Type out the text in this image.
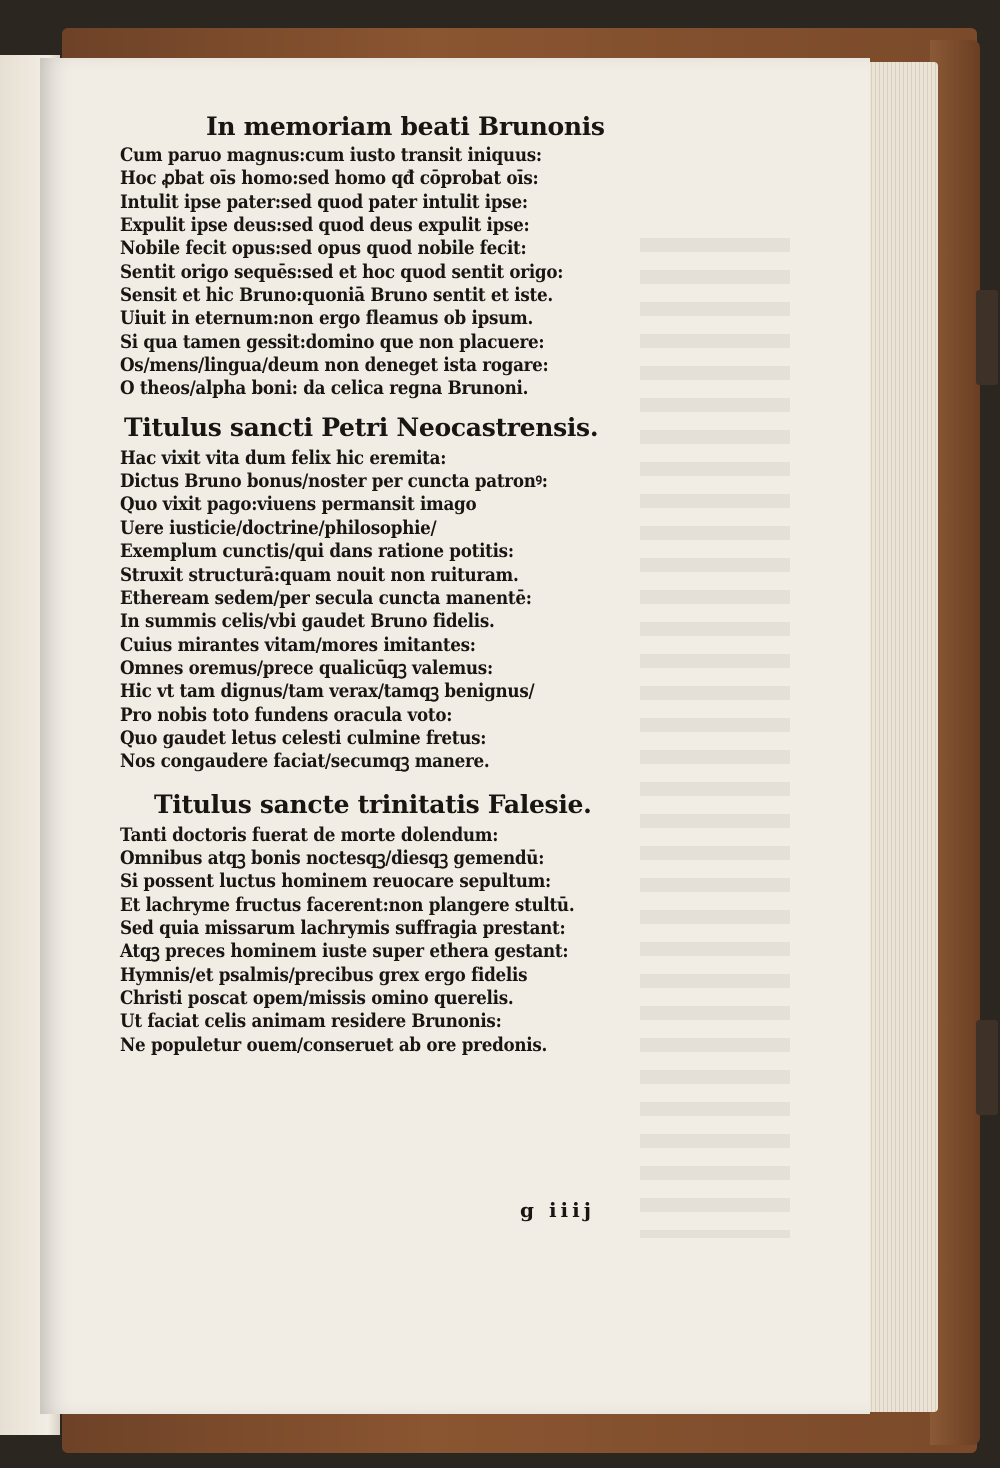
In memoriam beati Brunonis
Cum paruo magnus:cum iusto transit iniquus:
Hoc ꝓbat oīs homo:sed homo qđ cōprobat oīs:
Intulit ipse pater:sed quod pater intulit ipse:
Expulit ipse deus:sed quod deus expulit ipse:
Nobile fecit opus:sed opus quod nobile fecit:
Sentit origo sequēs:sed et hoc quod sentit origo:
Sensit et hic Bruno:quoniā Bruno sentit et iste.
Uiuit in eternum:non ergo fleamus ob ipsum.
Si qua tamen gessit:domino que non placuere:
Os/mens/lingua/deum non deneget ista rogare:
O theos/alpha boni: da celica regna Brunoni.
Titulus sancti Petri Neocastrensis.
Hac vixit vita dum felix hic eremita:
Dictus Bruno bonus/noster per cuncta patronꝰ:
Quo vixit pago:viuens permansit imago
Uere iusticie/doctrine/philosophie/
Exemplum cunctis/qui dans ratione potitis:
Struxit structurā:quam nouit non ruituram.
Etheream sedem/per secula cuncta manentē:
In summis celis/vbi gaudet Bruno fidelis.
Cuius mirantes vitam/mores imitantes:
Omnes oremus/prece qualicūqꝫ valemus:
Hic vt tam dignus/tam verax/tamqꝫ benignus/
Pro nobis toto fundens oracula voto:
Quo gaudet letus celesti culmine fretus:
Nos congaudere faciat/secumqꝫ manere.
Titulus sancte trinitatis Falesie.
Tanti doctoris fuerat de morte dolendum:
Omnibus atqꝫ bonis noctesqꝫ/diesqꝫ gemendū:
Si possent luctus hominem reuocare sepultum:
Et lachryme fructus facerent:non plangere stultū.
Sed quia missarum lachrymis suffragia prestant:
Atqꝫ preces hominem iuste super ethera gestant:
Hymnis/et psalmis/precibus grex ergo fidelis
Christi poscat opem/missis omino querelis.
Ut faciat celis animam residere Brunonis:
Ne populetur ouem/conseruet ab ore predonis.
g iiij
